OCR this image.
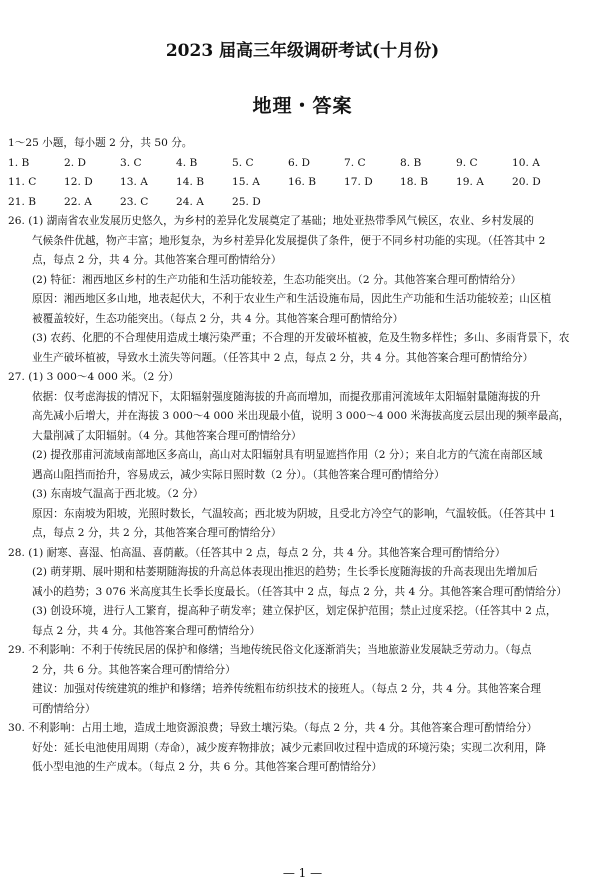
2023 届高三年级调研考试(十月份)
地理・答案
1～25 小题，每小题 2 分，共 50 分。
1. B	2. D	3. C	4. B	5. C	6. D	7. C	8. B	9. C	10. A
11. C	12. D	13. A	14. B	15. A	16. B	17. D	18. B	19. A	20. D
21. B	22. A	23. C	24. A	25. D
26. (1) 湖南省农业发展历史悠久，为乡村的差异化发展奠定了基础；地处亚热带季风气候区，农业、乡村发展的
气候条件优越，物产丰富；地形复杂，为乡村差异化发展提供了条件，便于不同乡村功能的实现。（任答其中 2
点，每点 2 分，共 4 分。其他答案合理可酌情给分）
(2) 特征：湘西地区乡村的生产功能和生活功能较差，生态功能突出。（2 分。其他答案合理可酌情给分）
原因：湘西地区多山地，地表起伏大，不利于农业生产和生活设施布局，因此生产功能和生活功能较差；山区植
被覆盖较好，生态功能突出。（每点 2 分，共 4 分。其他答案合理可酌情给分）
(3) 农药、化肥的不合理使用造成土壤污染严重；不合理的开发破坏植被，危及生物多样性；多山、多雨背景下，农
业生产破坏植被，导致水土流失等问题。（任答其中 2 点，每点 2 分，共 4 分。其他答案合理可酌情给分）
27. (1) 3 000～4 000 米。（2 分）
依据：仅考虑海拔的情况下，太阳辐射强度随海拔的升高而增加，而提孜那甫河流域年太阳辐射量随海拔的升
高先减小后增大，并在海拔 3 000～4 000 米出现最小值，说明 3 000～4 000 米海拔高度云层出现的频率最高，
大量削减了太阳辐射。（4 分。其他答案合理可酌情给分）
(2) 提孜那甫河流域南部地区多高山，高山对太阳辐射具有明显遮挡作用（2 分）；来自北方的气流在南部区域
遇高山阻挡而抬升，容易成云，减少实际日照时数（2 分）。（其他答案合理可酌情给分）
(3) 东南坡气温高于西北坡。（2 分）
原因：东南坡为阳坡，光照时数长，气温较高；西北坡为阴坡，且受北方冷空气的影响，气温较低。（任答其中 1
点，每点 2 分，共 2 分，其他答案合理可酌情给分）
28. (1) 耐寒、喜湿、怕高温、喜荫蔽。（任答其中 2 点，每点 2 分，共 4 分。其他答案合理可酌情给分）
(2) 萌芽期、展叶期和枯萎期随海拔的升高总体表现出推迟的趋势；生长季长度随海拔的升高表现出先增加后
减小的趋势；3 076 米高度其生长季长度最长。（任答其中 2 点，每点 2 分，共 4 分。其他答案合理可酌情给分）
(3) 创设环境，进行人工繁育，提高种子萌发率；建立保护区，划定保护范围；禁止过度采挖。（任答其中 2 点，
每点 2 分，共 4 分。其他答案合理可酌情给分）
29. 不利影响：不利于传统民居的保护和修缮；当地传统民俗文化逐渐消失；当地旅游业发展缺乏劳动力。（每点
2 分，共 6 分。其他答案合理可酌情给分）
建议：加强对传统建筑的维护和修缮；培养传统粗布纺织技术的接班人。（每点 2 分，共 4 分。其他答案合理
可酌情给分）
30. 不利影响：占用土地，造成土地资源浪费；导致土壤污染。（每点 2 分，共 4 分。其他答案合理可酌情给分）
好处：延长电池使用周期（寿命），减少废弃物排放；减少元素回收过程中造成的环境污染；实现二次利用，降
低小型电池的生产成本。（每点 2 分，共 6 分。其他答案合理可酌情给分）
— 1 —
